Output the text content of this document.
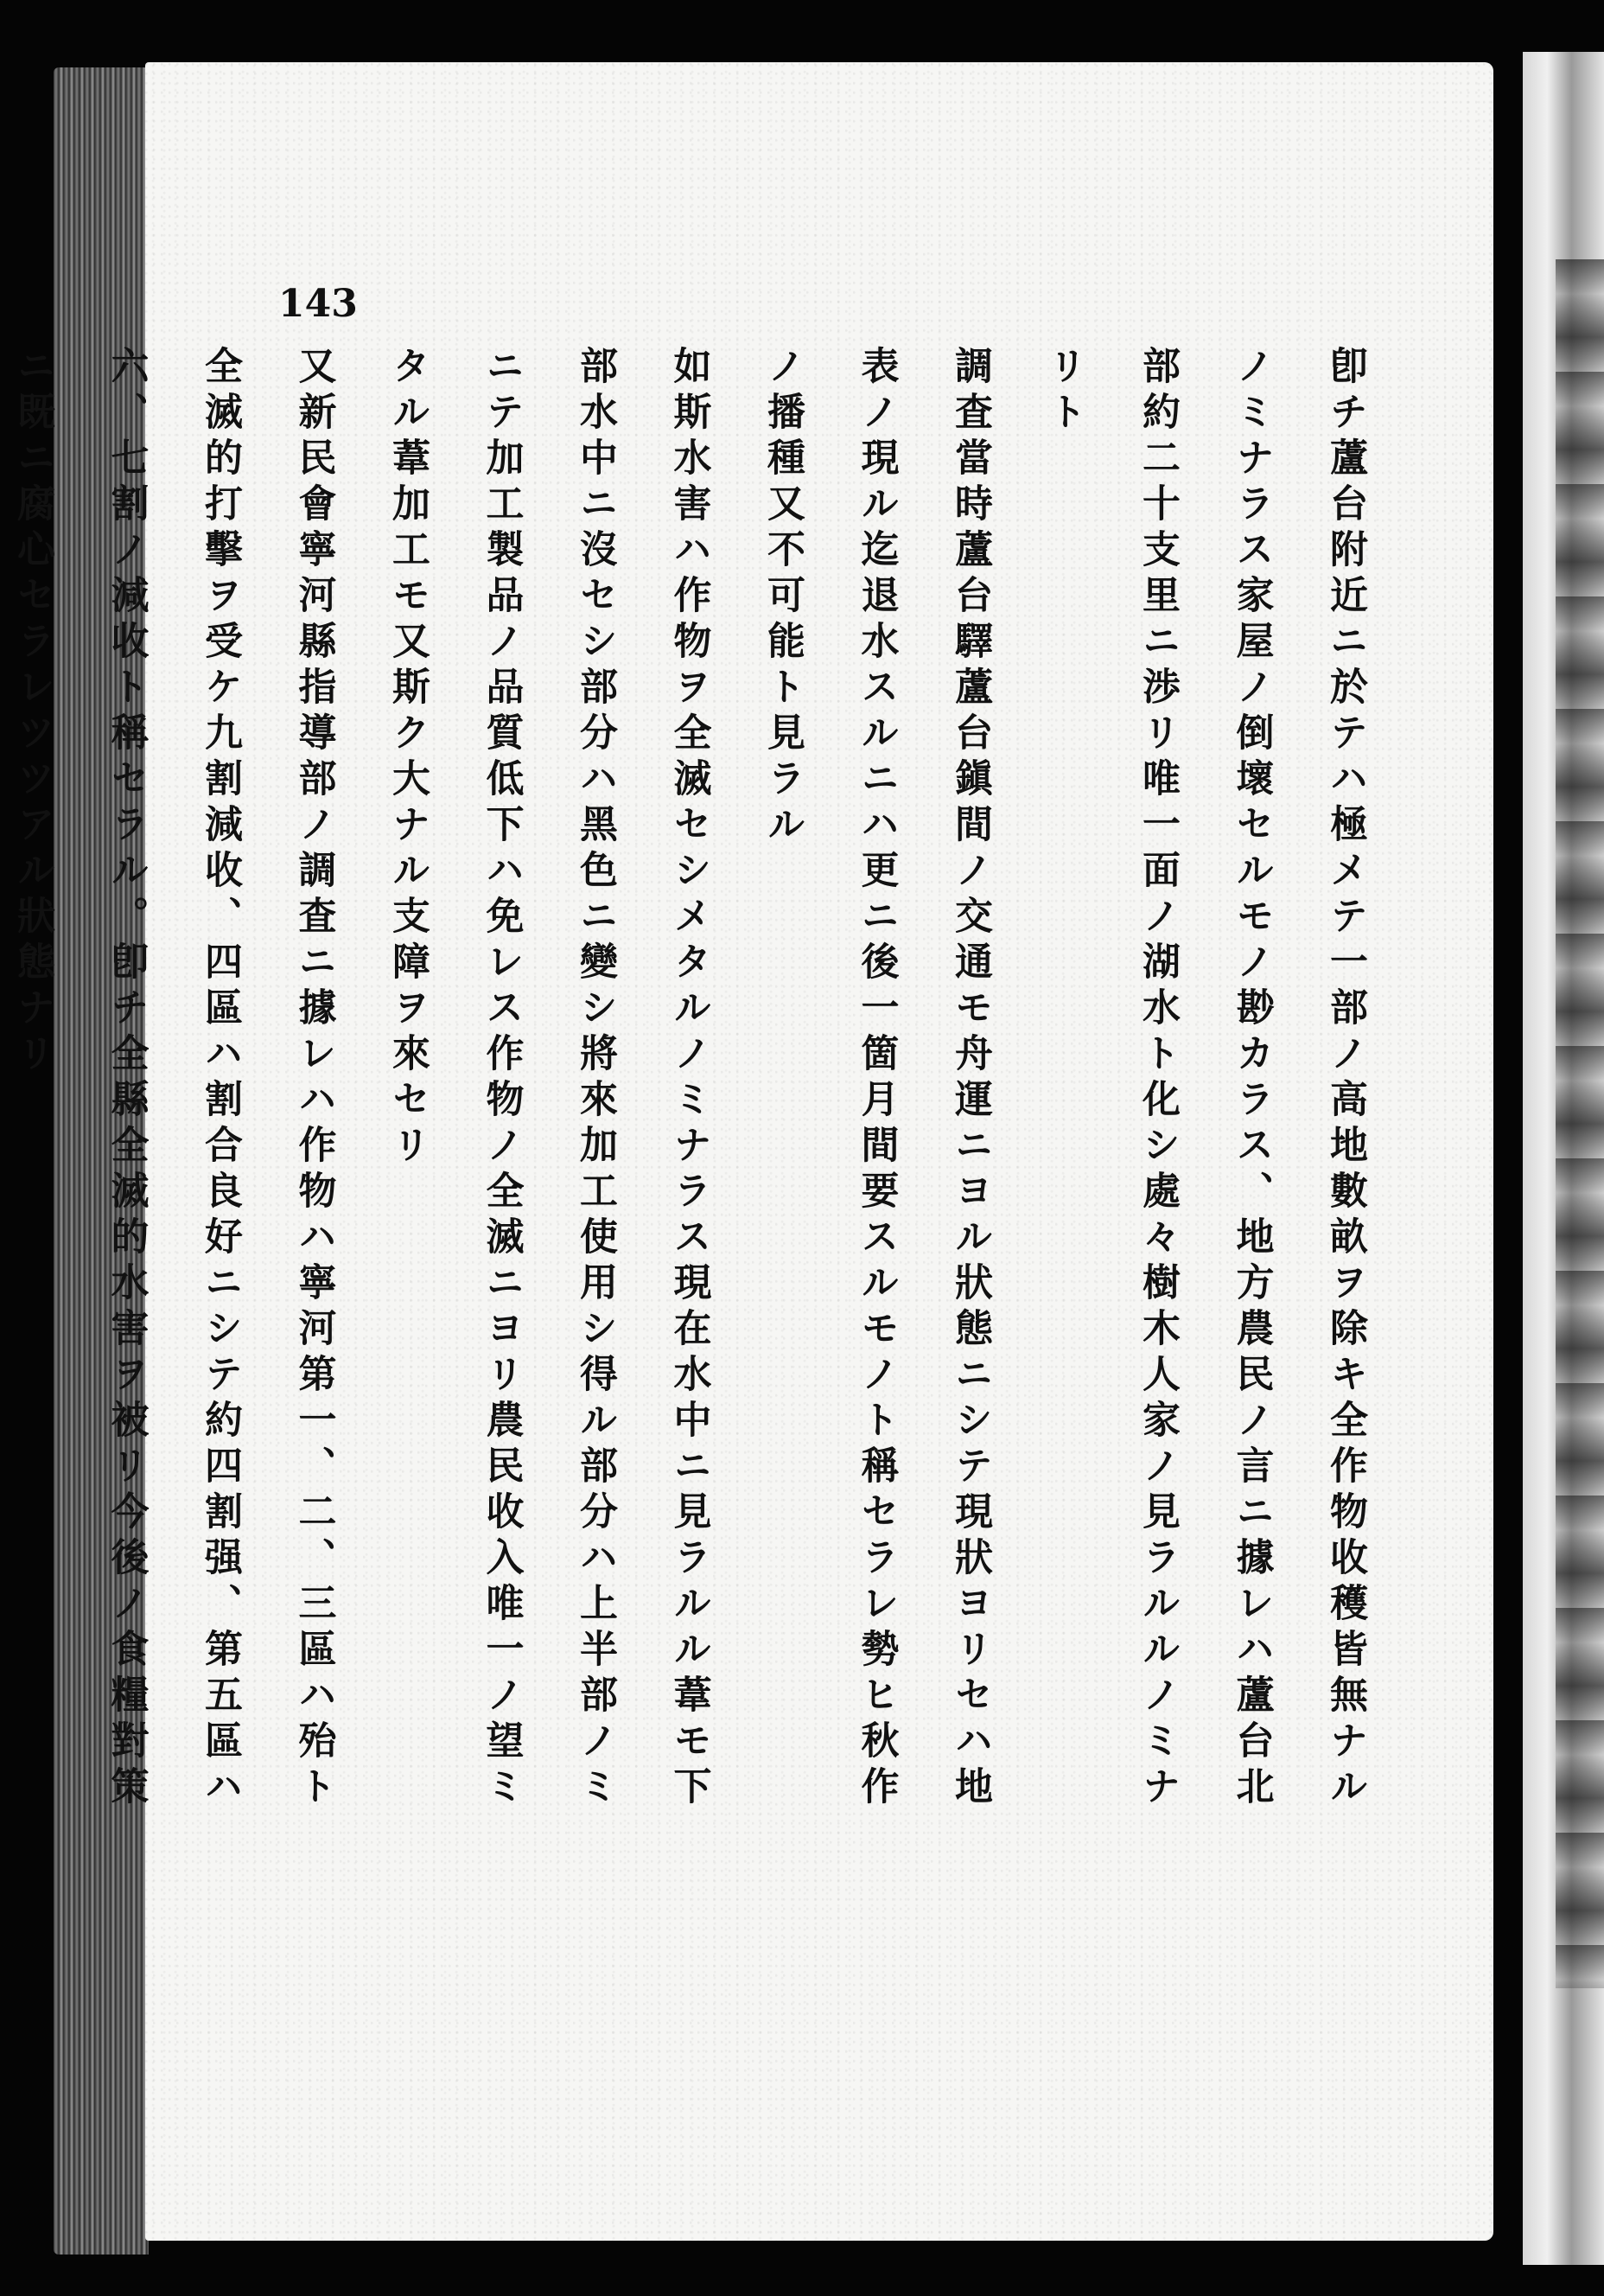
143

卽チ蘆台附近ニ於テハ極メテ一部ノ高地數畝ヲ除キ全作物收穫皆無ナル

ノミナラス家屋ノ倒壞セルモノ尠カラス、地方農民ノ言ニ據レハ蘆台北

部約二十支里ニ渉リ唯一面ノ湖水ト化シ處々樹木人家ノ見ラルルノミナ

リト

調査當時蘆台驛蘆台鎭間ノ交通モ舟運ニヨル狀態ニシテ現狀ヨリセハ地

表ノ現ル迄退水スルニハ更ニ後一箇月間要スルモノト稱セラレ勢ヒ秋作

ノ播種又不可能ト見ラル

如斯水害ハ作物ヲ全滅セシメタルノミナラス現在水中ニ見ラルル葦モ下

部水中ニ沒セシ部分ハ黑色ニ變シ將來加工使用シ得ル部分ハ上半部ノミ

ニテ加工製品ノ品質低下ハ免レス作物ノ全滅ニヨリ農民收入唯一ノ望ミ

タル葦加工モ又斯ク大ナル支障ヲ來セリ

又新民會寧河縣指導部ノ調査ニ據レハ作物ハ寧河第一、二、三區ハ殆ト

全滅的打擊ヲ受ケ九割減收、四區ハ割合良好ニシテ約四割强、第五區ハ

六、七割ノ減收ト稱セラル。卽チ全縣全滅的水害ヲ被リ今後ノ食糧對策

ニ既ニ腐心セラレツツアル狀態ナリ
